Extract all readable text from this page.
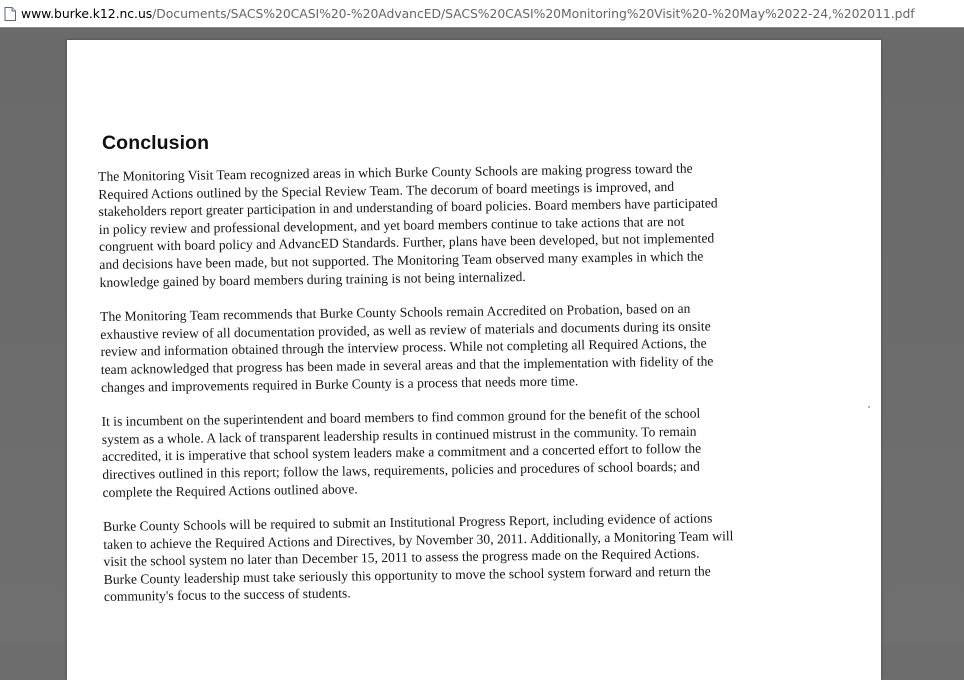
www.burke.k12.nc.us/Documents/SACS%20CASI%20-%20AdvancED/SACS%20CASI%20Monitoring%20Visit%20-%20May%2022-24,%202011.pdf
Conclusion

The Monitoring Visit Team recognized areas in which Burke County Schools are making progress toward the
Required Actions outlined by the Special Review Team. The decorum of board meetings is improved, and
stakeholders report greater participation in and understanding of board policies. Board members have participated
in policy review and professional development, and yet board members continue to take actions that are not
congruent with board policy and AdvancED Standards. Further, plans have been developed, but not implemented
and decisions have been made, but not supported. The Monitoring Team observed many examples in which the
knowledge gained by board members during training is not being internalized.

The Monitoring Team recommends that Burke County Schools remain Accredited on Probation, based on an
exhaustive review of all documentation provided, as well as review of materials and documents during its onsite
review and information obtained through the interview process. While not completing all Required Actions, the
team acknowledged that progress has been made in several areas and that the implementation with fidelity of the
changes and improvements required in Burke County is a process that needs more time.

It is incumbent on the superintendent and board members to find common ground for the benefit of the school
system as a whole. A lack of transparent leadership results in continued mistrust in the community. To remain
accredited, it is imperative that school system leaders make a commitment and a concerted effort to follow the
directives outlined in this report; follow the laws, requirements, policies and procedures of school boards; and
complete the Required Actions outlined above.

Burke County Schools will be required to submit an Institutional Progress Report, including evidence of actions
taken to achieve the Required Actions and Directives, by November 30, 2011. Additionally, a Monitoring Team will
visit the school system no later than December 15, 2011 to assess the progress made on the Required Actions.
Burke County leadership must take seriously this opportunity to move the school system forward and return the
community's focus to the success of students.
